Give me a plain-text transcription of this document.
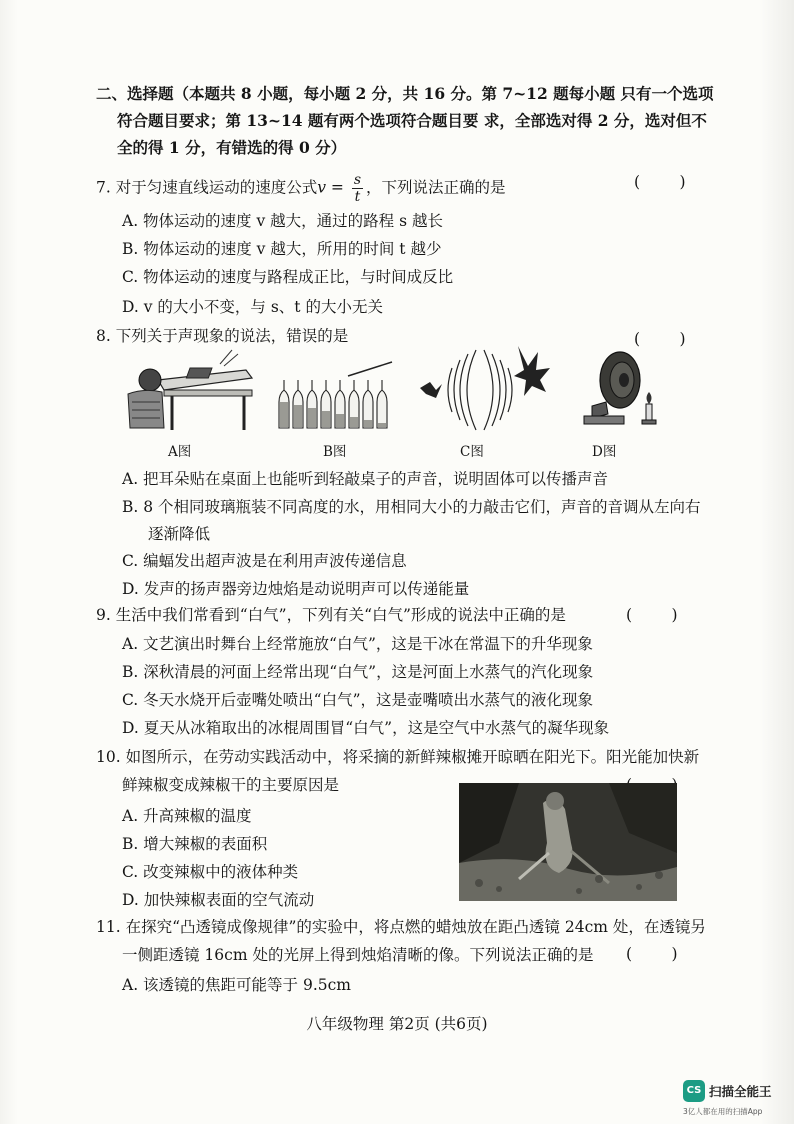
二、选择题（本题共 8 小题，每小题 2 分，共 16 分。第 7~12 题每小题 只有一个选项
符合题目要求；第 13~14 题有两个选项符合题目要 求，全部选对得 2 分，选对但不
全的得 1 分，有错选的得 0 分）
7. 对于匀速直线运动的速度公式$v = \frac{s}{t}$ ，下列说法正确的是	(        )
A. 物体运动的速度 v 越大，通过的路程 s 越长
B. 物体运动的速度 v 越大，所用的时间 t 越少
C. 物体运动的速度与路程成正比，与时间成反比
D. v 的大小不变，与 s、t 的大小无关
8. 下列关于声现象的说法，错误的是	(        )
A图	B图	C图	D图
A. 把耳朵贴在桌面上也能听到轻敲桌子的声音，说明固体可以传播声音
B. 8 个相同玻璃瓶装不同高度的水，用相同大小的力敲击它们，声音的音调从左向右
逐渐降低
C. 编蝠发出超声波是在利用声波传递信息
D. 发声的扬声器旁边烛焰是动说明声可以传递能量
9. 生活中我们常看到“白气”，下列有关“白气”形成的说法中正确的是	(        )
A. 文艺演出时舞台上经常施放“白气”，这是干冰在常温下的升华现象
B. 深秋清晨的河面上经常出现“白气”，这是河面上水蒸气的汽化现象
C. 冬天水烧开后壶嘴处喷出“白气”，这是壶嘴喷出水蒸气的液化现象
D. 夏天从冰箱取出的冰棍周围冒“白气”，这是空气中水蒸气的凝华现象
10. 如图所示，在劳动实践活动中，将采摘的新鲜辣椒摊开晾晒在阳光下。阳光能加快新
鲜辣椒变成辣椒干的主要原因是
A. 升高辣椒的温度
B. 增大辣椒的表面积
C. 改变辣椒中的液体种类
D. 加快辣椒表面的空气流动
11. 在探究“凸透镜成像规律”的实验中，将点燃的蜡烛放在距凸透镜 24cm 处，在透镜另
一侧距透镜 16cm 处的光屏上得到烛焰清晰的像。下列说法正确的是 (        )
A. 该透镜的焦距可能等于 9.5cm
八年级物理 第2页 (共6页)
CS 扫描全能王
3亿人都在用的扫描App
